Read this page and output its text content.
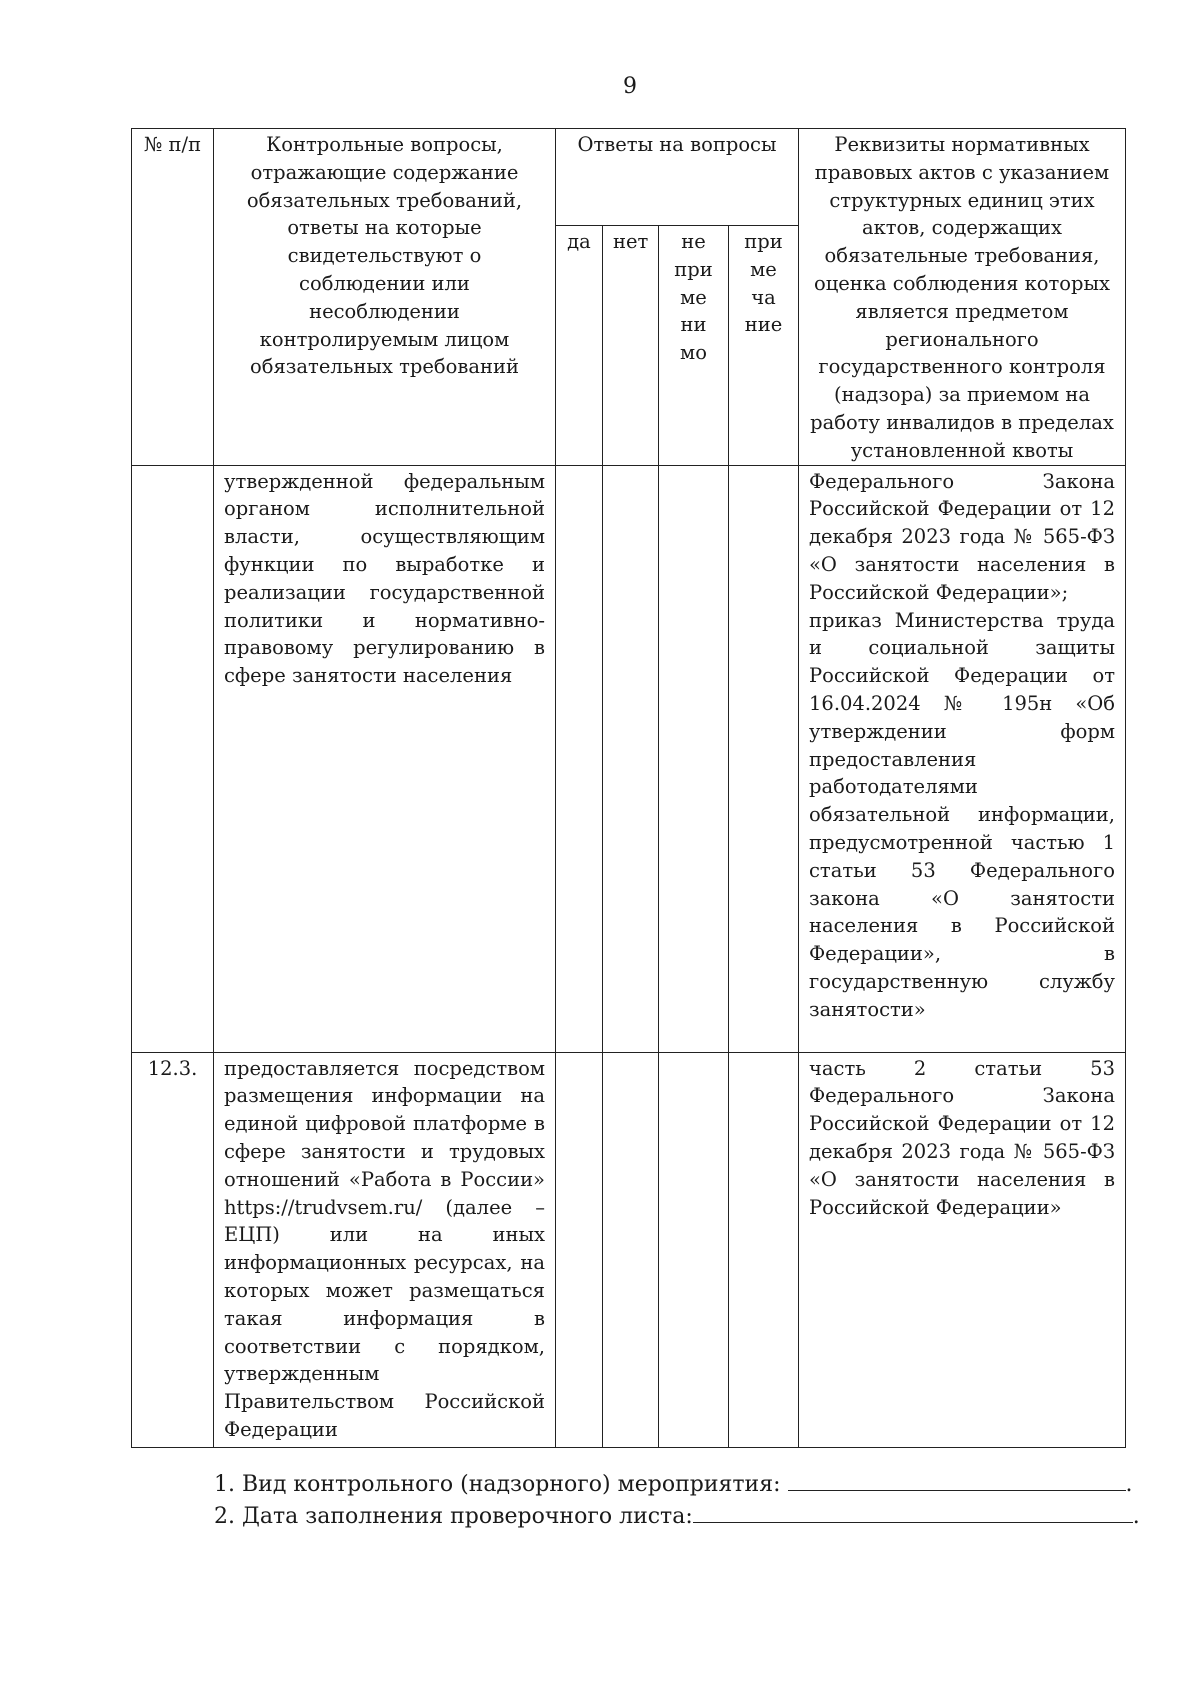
9
№ п/п	Контрольные вопросы, отражающие содержание обязательных требований, ответы на которые свидетельствуют о соблюдении или несоблюдении контролируемым лицом обязательных требований	Ответы на вопросы				Реквизиты нормативных правовых актов с указанием структурных единиц этих актов, содержащих обязательные требования, оценка соблюдения которых является предметом регионального государственного контроля (надзора) за приемом на работу инвалидов в пределах установленной квоты
		да	нет	не при ме ни мо	при ме ча ние	
	утвержденной федеральным органом исполнительной власти, осуществляющим функции по выработке и реализации государственной политики и нормативно-правовому регулированию в сфере занятости населения					Федерального Закона Российской Федерации от 12 декабря 2023 года № 565-ФЗ «О занятости населения в Российской Федерации»;
приказ Министерства труда и социальной защиты Российской Федерации от 16.04.2024 № 195н «Об утверждении форм предоставления работодателями обязательной информации, предусмотренной частью 1 статьи 53 Федерального закона «О занятости населения в Российской Федерации», в государственную службу занятости»

12.3.	предоставляется посредством размещения информации на единой цифровой платформе в сфере занятости и трудовых отношений «Работа в России» https://trudvsem.ru/ (далее – ЕЦП) или на иных информационных ресурсах, на которых может размещаться такая информация в соответствии с порядком, утвержденным Правительством Российской Федерации					часть 2 статьи 53 Федерального Закона Российской Федерации от 12 декабря 2023 года № 565-ФЗ «О занятости населения в Российской Федерации»
1. Вид контрольного (надзорного) мероприятия:	.
2. Дата заполнения проверочного листа:	.
